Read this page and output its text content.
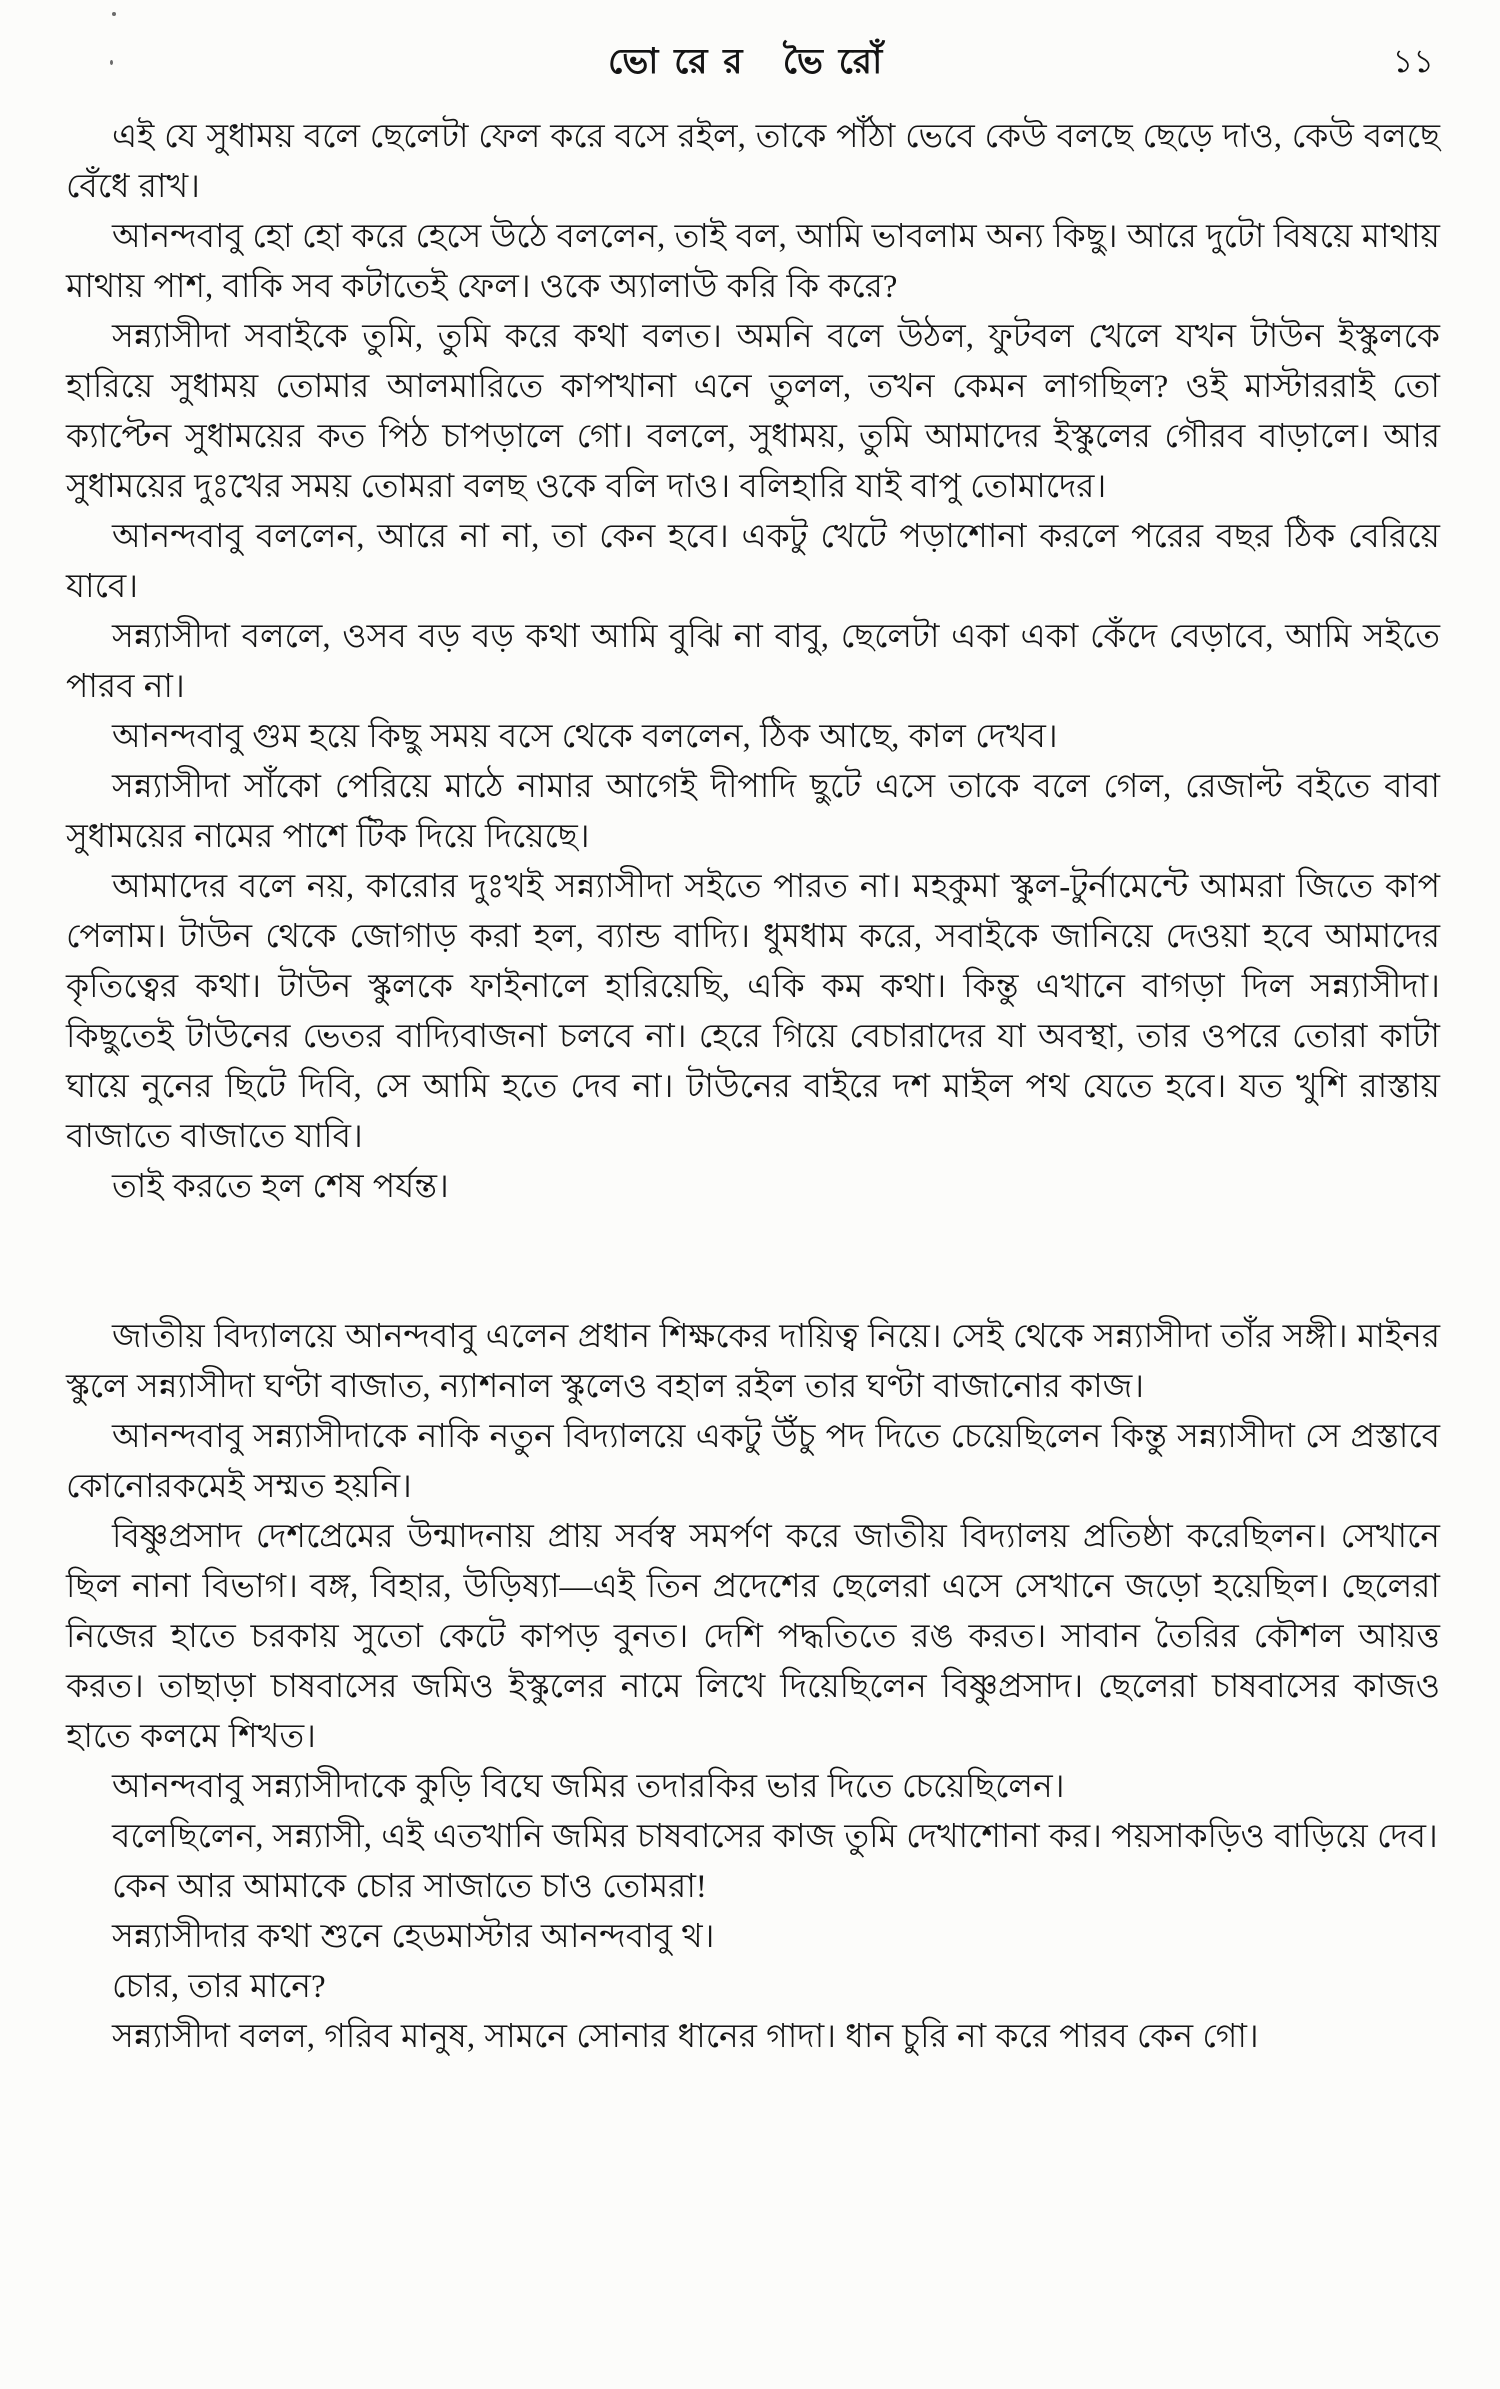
ভোরের ভৈরোঁ	১১

এই যে সুধাময় বলে ছেলেটা ফেল করে বসে রইল, তাকে পাঁঠা ভেবে কেউ বলছে ছেড়ে দাও, কেউ বলছে বেঁধে রাখ।

আনন্দবাবু হো হো করে হেসে উঠে বললেন, তাই বল, আমি ভাবলাম অন্য কিছু। আরে দুটো বিষয়ে মাথায় মাথায় পাশ, বাকি সব কটাতেই ফেল। ওকে অ্যালাউ করি কি করে?

সন্ন্যাসীদা সবাইকে তুমি, তুমি করে কথা বলত। অমনি বলে উঠল, ফুটবল খেলে যখন টাউন ইস্কুলকে হারিয়ে সুধাময় তোমার আলমারিতে কাপখানা এনে তুলল, তখন কেমন লাগছিল? ওই মাস্টাররাই তো ক্যাপ্টেন সুধাময়ের কত পিঠ চাপড়ালে গো। বললে, সুধাময়, তুমি আমাদের ইস্কুলের গৌরব বাড়ালে। আর সুধাময়ের দুঃখের সময় তোমরা বলছ ওকে বলি দাও। বলিহারি যাই বাপু তোমাদের।

আনন্দবাবু বললেন, আরে না না, তা কেন হবে। একটু খেটে পড়াশোনা করলে পরের বছর ঠিক বেরিয়ে যাবে।

সন্ন্যাসীদা বললে, ওসব বড় বড় কথা আমি বুঝি না বাবু, ছেলেটা একা একা কেঁদে বেড়াবে, আমি সইতে পারব না।

আনন্দবাবু গুম হয়ে কিছু সময় বসে থেকে বললেন, ঠিক আছে, কাল দেখব।

সন্ন্যাসীদা সাঁকো পেরিয়ে মাঠে নামার আগেই দীপাদি ছুটে এসে তাকে বলে গেল, রেজাল্ট বইতে বাবা সুধাময়ের নামের পাশে টিক দিয়ে দিয়েছে।

আমাদের বলে নয়, কারোর দুঃখই সন্ন্যাসীদা সইতে পারত না। মহকুমা স্কুল-টুর্নামেন্টে আমরা জিতে কাপ পেলাম। টাউন থেকে জোগাড় করা হল, ব্যান্ড বাদ্যি। ধুমধাম করে, সবাইকে জানিয়ে দেওয়া হবে আমাদের কৃতিত্বের কথা। টাউন স্কুলকে ফাইনালে হারিয়েছি, একি কম কথা। কিন্তু এখানে বাগড়া দিল সন্ন্যাসীদা। কিছুতেই টাউনের ভেতর বাদ্যিবাজনা চলবে না। হেরে গিয়ে বেচারাদের যা অবস্থা, তার ওপরে তোরা কাটা ঘায়ে নুনের ছিটে দিবি, সে আমি হতে দেব না। টাউনের বাইরে দশ মাইল পথ যেতে হবে। যত খুশি রাস্তায় বাজাতে বাজাতে যাবি।

তাই করতে হল শেষ পর্যন্ত।

জাতীয় বিদ্যালয়ে আনন্দবাবু এলেন প্রধান শিক্ষকের দায়িত্ব নিয়ে। সেই থেকে সন্ন্যাসীদা তাঁর সঙ্গী। মাইনর স্কুলে সন্ন্যাসীদা ঘণ্টা বাজাত, ন্যাশনাল স্কুলেও বহাল রইল তার ঘণ্টা বাজানোর কাজ।

আনন্দবাবু সন্ন্যাসীদাকে নাকি নতুন বিদ্যালয়ে একটু উঁচু পদ দিতে চেয়েছিলেন কিন্তু সন্ন্যাসীদা সে প্রস্তাবে কোনোরকমেই সম্মত হয়নি।

বিষ্ণুপ্রসাদ দেশপ্রেমের উন্মাদনায় প্রায় সর্বস্ব সমর্পণ করে জাতীয় বিদ্যালয় প্রতিষ্ঠা করেছিলন। সেখানে ছিল নানা বিভাগ। বঙ্গ, বিহার, উড়িষ্যা—এই তিন প্রদেশের ছেলেরা এসে সেখানে জড়ো হয়েছিল। ছেলেরা নিজের হাতে চরকায় সুতো কেটে কাপড় বুনত। দেশি পদ্ধতিতে রঙ করত। সাবান তৈরির কৌশল আয়ত্ত করত। তাছাড়া চাষবাসের জমিও ইস্কুলের নামে লিখে দিয়েছিলেন বিষ্ণুপ্রসাদ। ছেলেরা চাষবাসের কাজও হাতে কলমে শিখত।

আনন্দবাবু সন্ন্যাসীদাকে কুড়ি বিঘে জমির তদারকির ভার দিতে চেয়েছিলেন।

বলেছিলেন, সন্ন্যাসী, এই এতখানি জমির চাষবাসের কাজ তুমি দেখাশোনা কর। পয়সাকড়িও বাড়িয়ে দেব।

কেন আর আমাকে চোর সাজাতে চাও তোমরা!

সন্ন্যাসীদার কথা শুনে হেডমাস্টার আনন্দবাবু থ।

চোর, তার মানে?

সন্ন্যাসীদা বলল, গরিব মানুষ, সামনে সোনার ধানের গাদা। ধান চুরি না করে পারব কেন গো।
